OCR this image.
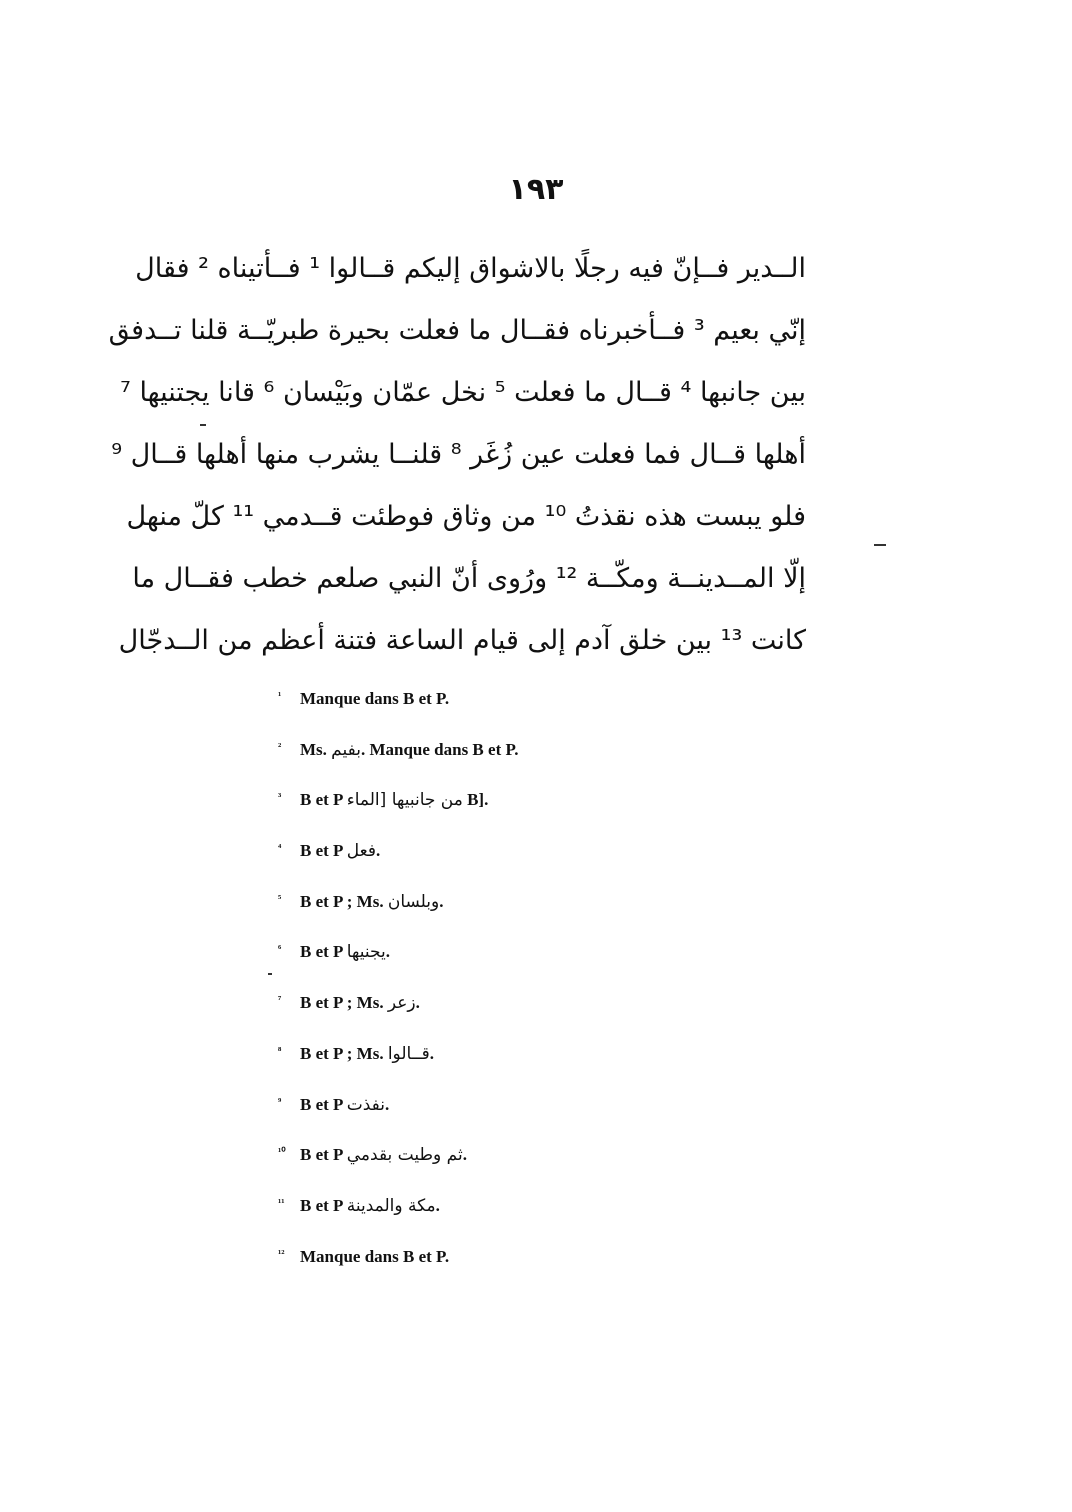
١٩٣
الــدير فــإنّ فيه رجلًا بالاشواق إليكم قــالوا ¹ فــأتيناه ² فقال
إنّي بعيم ³ فــأخبرناه فقــال ما فعلت بحيرة طبريّــة قلنا تــدفق
بين جانبها ⁴ قــال ما فعلت ⁵ نخل عمّان وبَيْسان ⁶ قانا يجتنيها ⁷
أهلها قــال فما فعلت عين زُغَر ⁸ قلنــا يشرب منها أهلها قــال ⁹
فلو يبست هذه نقذتُ ¹⁰ من وثاق فوطئت قــدمي ¹¹ كلّ منهل
إلّا المــدينــة ومكّــة ¹² ورُوى أنّ النبي صلعم خطب فقــال ما
كانت ¹³ بين خلق آدم إلى قيام الساعة فتنة أعظم من الــدجّال
¹ Manque dans B et P.
² Ms. بفيم. Manque dans B et P.
³ B et P من جانبيها [الماء B].
⁴ B et P فعل.
⁵ B et P ; Ms. وبلسان.
⁶ B et P يجنيها.
⁷ B et P ; Ms. زعر.
⁸ B et P ; Ms. قــالوا.
⁹ B et P نفذت.
¹⁰ B et P ثم وطيت بقدمي.
¹¹ B et P مكة والمدينة.
¹² Manque dans B et P.
